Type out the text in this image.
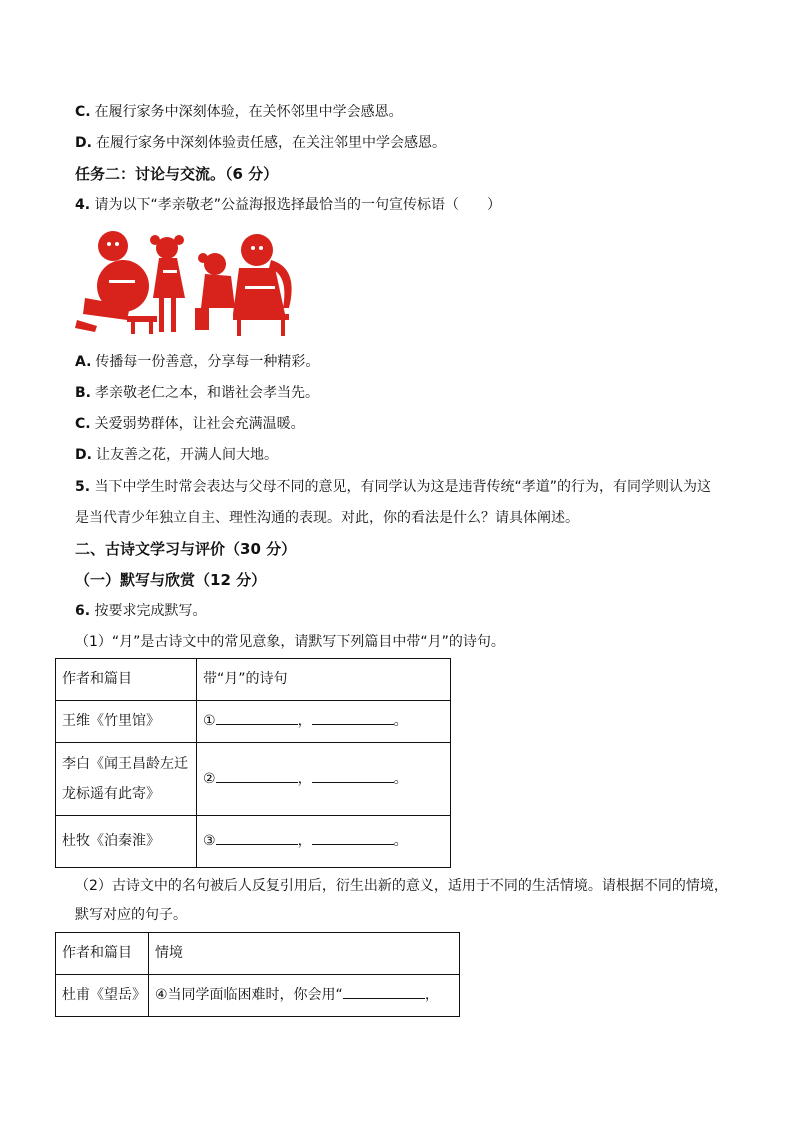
C. 在履行家务中深刻体验，在关怀邻里中学会感恩。
D. 在履行家务中深刻体验责任感，在关注邻里中学会感恩。
任务二：讨论与交流。（6 分）
4. 请为以下“孝亲敬老”公益海报选择最恰当的一句宣传标语（　　）
A. 传播每一份善意，分享每一种精彩。
B. 孝亲敬老仁之本，和谐社会孝当先。
C. 关爱弱势群体，让社会充满温暖。
D. 让友善之花，开满人间大地。
5. 当下中学生时常会表达与父母不同的意见，有同学认为这是违背传统“孝道”的行为，有同学则认为这
是当代青少年独立自主、理性沟通的表现。对此，你的看法是什么？请具体阐述。
二、古诗文学习与评价（30 分）
（一）默写与欣赏（12 分）
6. 按要求完成默写。
（1）“月”是古诗文中的常见意象，请默写下列篇目中带“月”的诗句。
作者和篇目	带“月”的诗句
王维《竹里馆》	① ， 。

李白《闻王昌龄左迁
龙标遥有此寄》	② ， 。
杜牧《泊秦淮》	③ ， 。
（2）古诗文中的名句被后人反复引用后，衍生出新的意义，适用于不同的生活情境。请根据不同的情境，
默写对应的句子。
作者和篇目	情境
杜甫《望岳》	④当同学面临困难时，你会用“ ，
